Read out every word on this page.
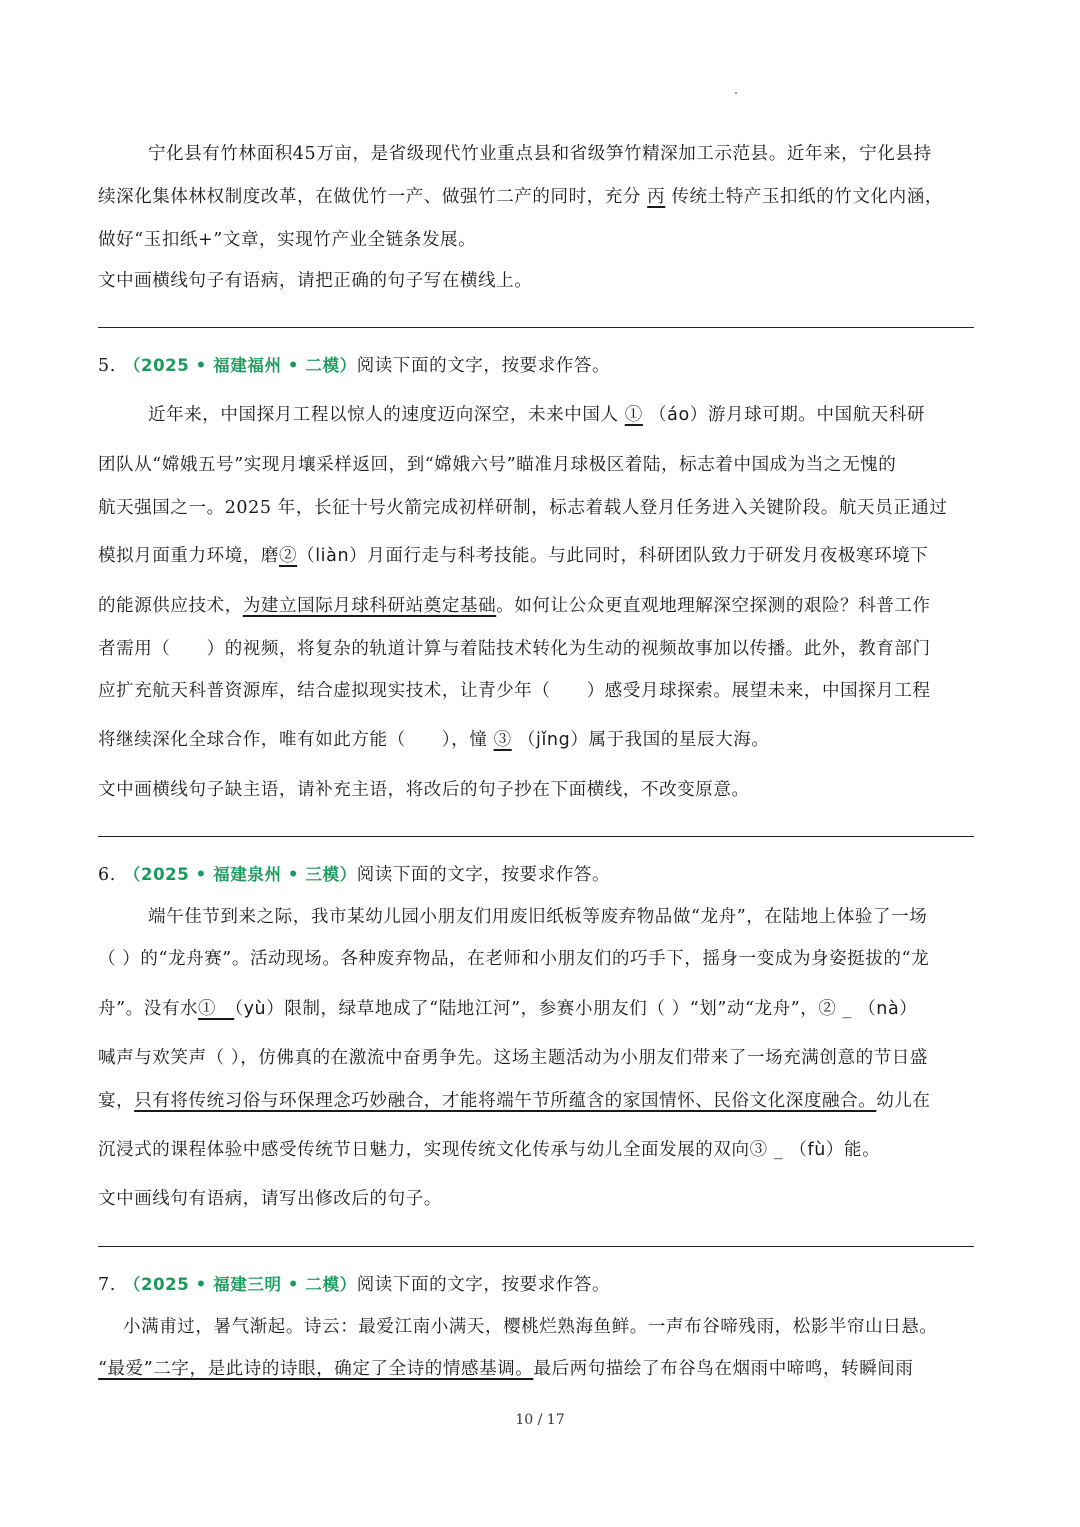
宁化县有竹林面积45万亩，是省级现代竹业重点县和省级笋竹精深加工示范县。近年来，宁化县持
续深化集体林权制度改革，在做优竹一产、做强竹二产的同时，充分 丙 传统土特产玉扣纸的竹文化内涵，
做好“玉扣纸+”文章，实现竹产业全链条发展。
文中画横线句子有语病，请把正确的句子写在横线上。
5. （2025 • 福建福州 • 二模）阅读下面的文字，按要求作答。
近年来，中国探月工程以惊人的速度迈向深空，未来中国人 ① （áo）游月球可期。中国航天科研
团队从“嫦娥五号”实现月壤采样返回，到“嫦娥六号”瞄准月球极区着陆，标志着中国成为当之无愧的
航天强国之一。2025 年，长征十号火箭完成初样研制，标志着载人登月任务进入关键阶段。航天员正通过
模拟月面重力环境，磨②（liàn）月面行走与科考技能。与此同时，科研团队致力于研发月夜极寒环境下
的能源供应技术，为建立国际月球科研站奠定基础。如何让公众更直观地理解深空探测的艰险？科普工作
者需用（　　）的视频，将复杂的轨道计算与着陆技术转化为生动的视频故事加以传播。此外，教育部门
应扩充航天科普资源库，结合虚拟现实技术，让青少年（　　）感受月球探索。展望未来，中国探月工程
将继续深化全球合作，唯有如此方能（　　），憧 ③ （jǐng）属于我国的星辰大海。
文中画横线句子缺主语，请补充主语，将改后的句子抄在下面横线，不改变原意。
6. （2025 • 福建泉州 • 三模）阅读下面的文字，按要求作答。
端午佳节到来之际，我市某幼儿园小朋友们用废旧纸板等废弃物品做“龙舟”，在陆地上体验了一场
（ ）的“龙舟赛”。活动现场。各种废弃物品，在老师和小朋友们的巧手下，摇身一变成为身姿挺拔的“龙
舟”。没有水①　（yù）限制，绿草地成了“陆地江河”，参赛小朋友们（ ）“划”动“龙舟”，② _ （nà）
喊声与欢笑声（ ），仿佛真的在激流中奋勇争先。这场主题活动为小朋友们带来了一场充满创意的节日盛
宴，只有将传统习俗与环保理念巧妙融合，才能将端午节所蕴含的家国情怀、民俗文化深度融合。幼儿在
沉浸式的课程体验中感受传统节日魅力，实现传统文化传承与幼儿全面发展的双向③ _ （fù）能。
文中画线句有语病，请写出修改后的句子。
7. （2025 • 福建三明 • 二模）阅读下面的文字，按要求作答。
小满甫过，暑气渐起。诗云：最爱江南小满天，樱桃烂熟海鱼鲜。一声布谷啼残雨，松影半帘山日悬。
“最爱”二字，是此诗的诗眼，确定了全诗的情感基调。最后两句描绘了布谷鸟在烟雨中啼鸣，转瞬间雨
10 / 17
